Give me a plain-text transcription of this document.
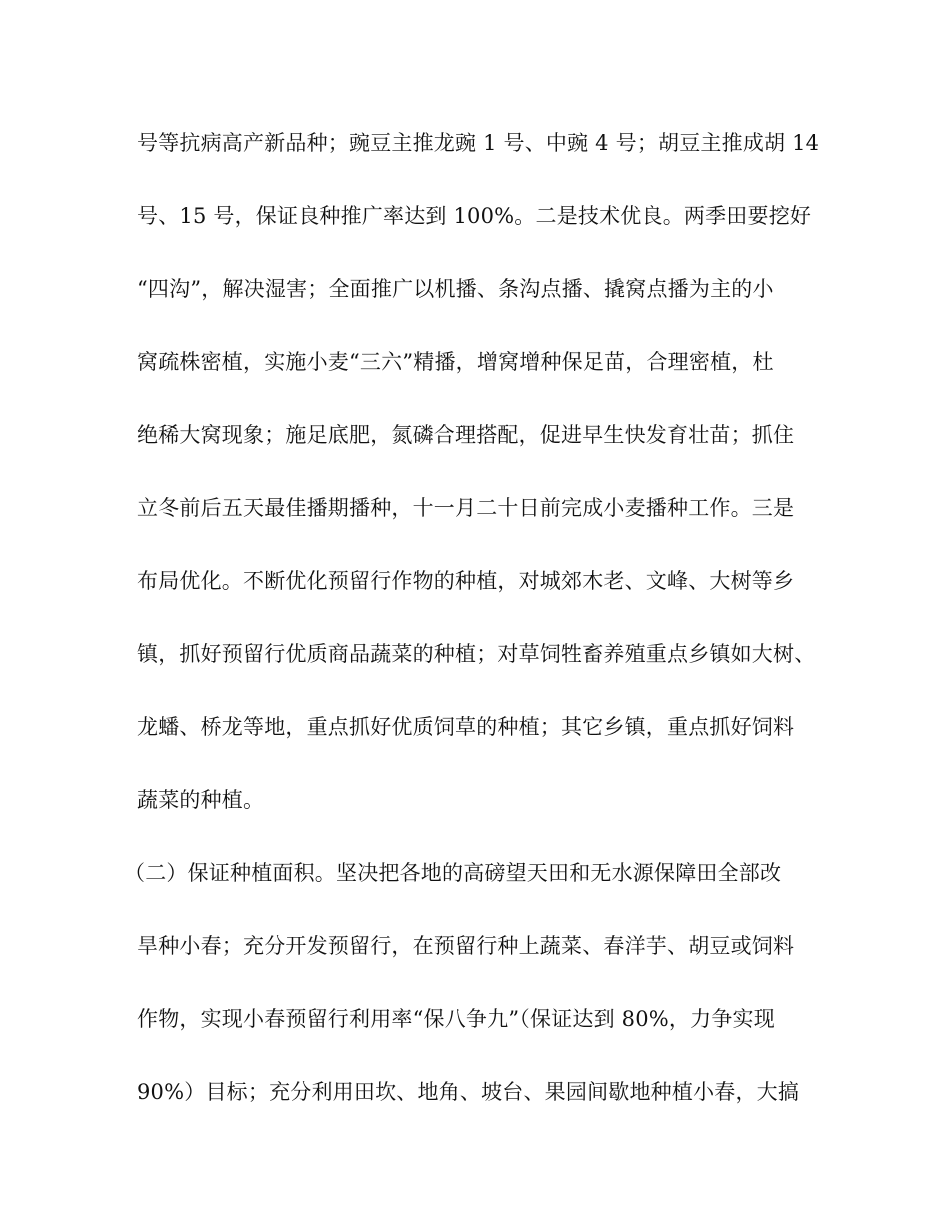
号等抗病高产新品种；豌豆主推龙豌 1 号、中豌 4 号；胡豆主推成胡 14
号、15 号，保证良种推广率达到 100%。二是技术优良。两季田要挖好
“四沟”，解决湿害；全面推广以机播、条沟点播、撬窝点播为主的小
窝疏株密植，实施小麦“三六”精播，增窝增种保足苗，合理密植，杜
绝稀大窝现象；施足底肥，氮磷合理搭配，促进早生快发育壮苗；抓住
立冬前后五天最佳播期播种，十一月二十日前完成小麦播种工作。三是
布局优化。不断优化预留行作物的种植，对城郊木老、文峰、大树等乡
镇，抓好预留行优质商品蔬菜的种植；对草饲牲畜养殖重点乡镇如大树、
龙蟠、桥龙等地，重点抓好优质饲草的种植；其它乡镇，重点抓好饲料
蔬菜的种植。
（二）保证种植面积。坚决把各地的高磅望天田和无水源保障田全部改
旱种小春；充分开发预留行，在预留行种上蔬菜、春洋芋、胡豆或饲料
作物，实现小春预留行利用率“保八争九”（保证达到 80%，力争实现
90%）目标；充分利用田坎、地角、坡台、果园间歇地种植小春，大搞
